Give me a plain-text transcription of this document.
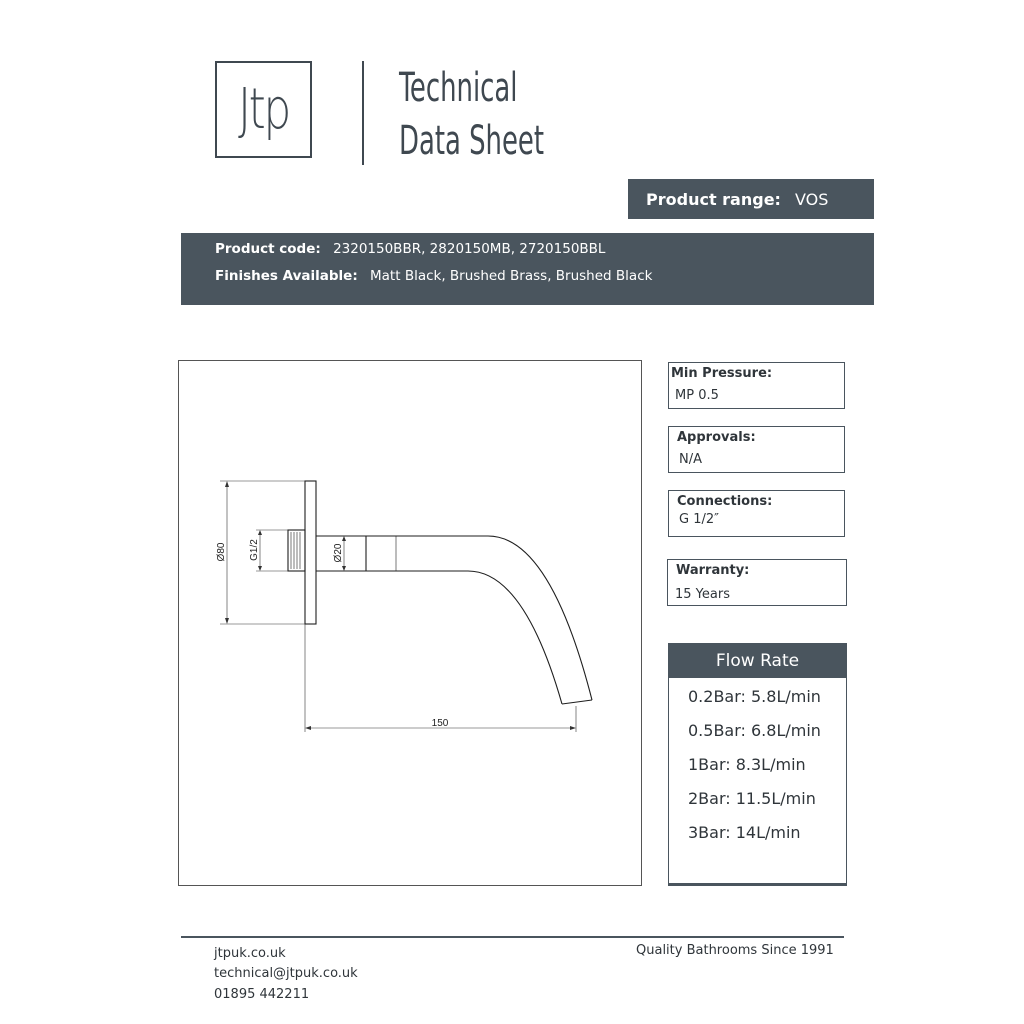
Jtp	Technical
Data Sheet
Product range: VOS
Product code: 2320150BBR, 2820150MB, 2720150BBL
Finishes Available: Matt Black, Brushed Brass, Brushed Black
Ø80 G1/2	Ø20
150
Min Pressure:
MP 0.5
Approvals:
N/A
Connections:
G 1/2″
Warranty:
15 Years
Flow Rate
0.2Bar: 5.8L/min
0.5Bar: 6.8L/min
1Bar: 8.3L/min
2Bar: 11.5L/min
3Bar: 14L/min
jtpuk.co.uk
technical@jtpuk.co.uk
01895 442211
Quality Bathrooms Since 1991
